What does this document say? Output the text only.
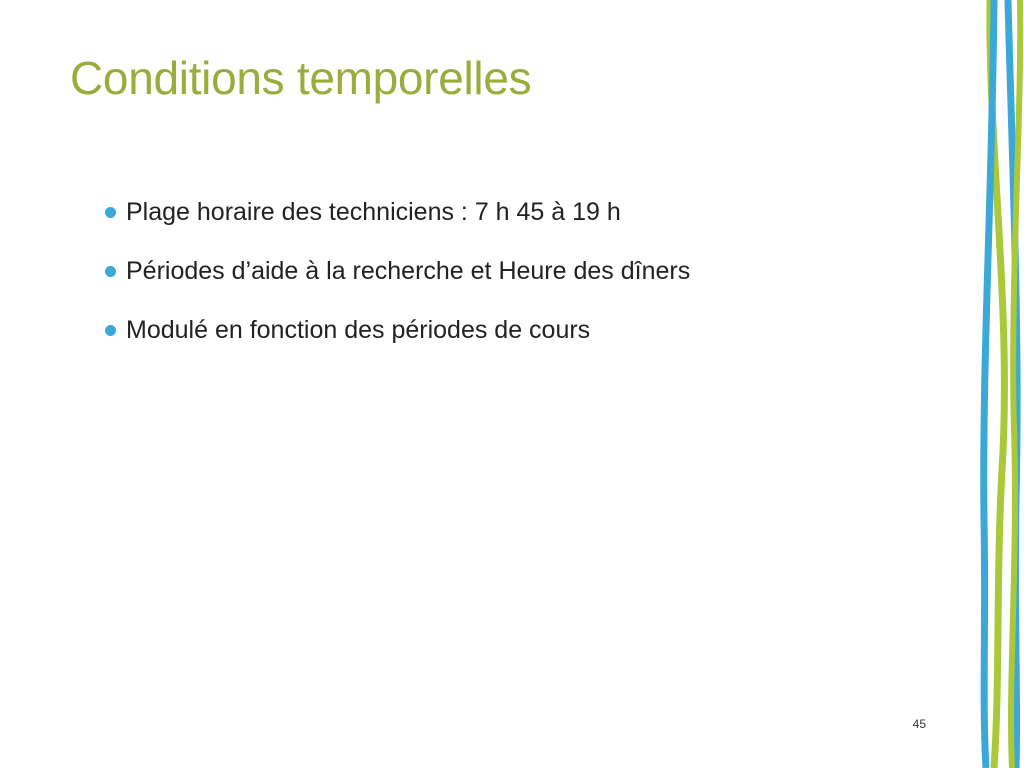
Conditions temporelles
Plage horaire des techniciens : 7 h 45 à 19 h
Périodes d’aide à la recherche et Heure des dîners
Modulé en fonction des périodes de cours
45
